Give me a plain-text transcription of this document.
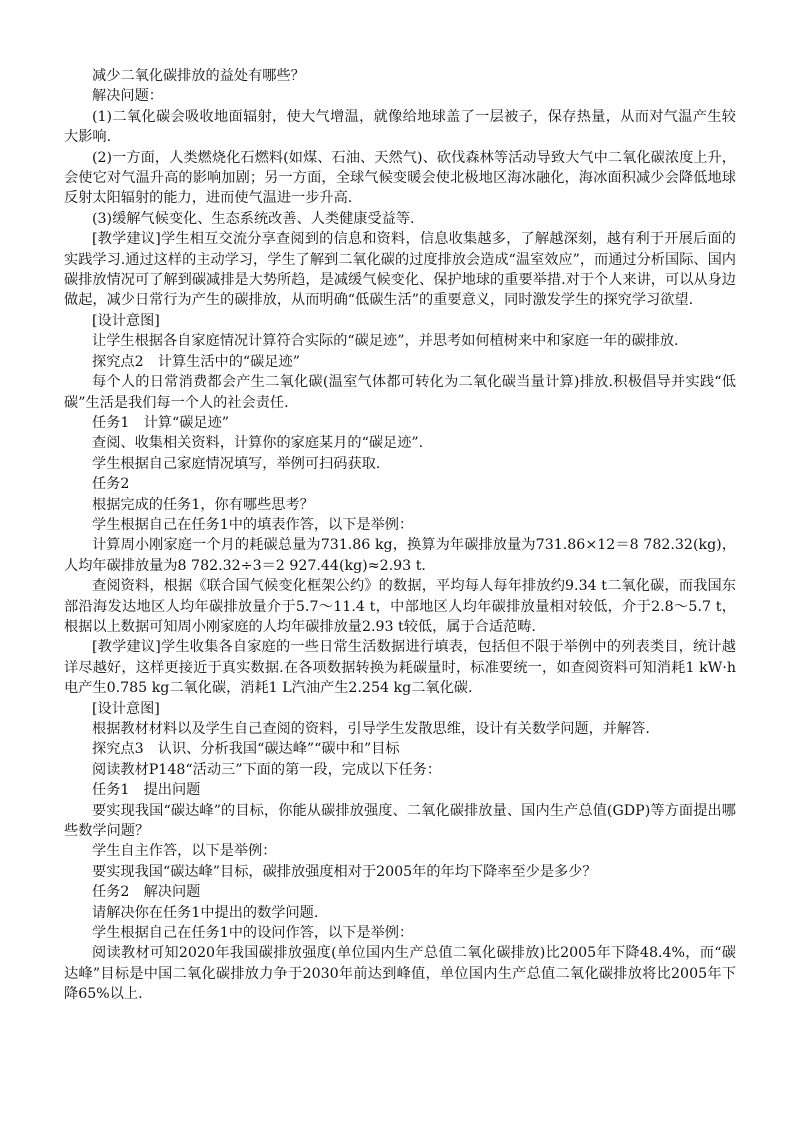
减少二氧化碳排放的益处有哪些？

解决问题：

(1)二氧化碳会吸收地面辐射，使大气增温，就像给地球盖了一层被子，保存热量，从而对气温产生较大影响.

(2)一方面，人类燃烧化石燃料(如煤、石油、天然气)、砍伐森林等活动导致大气中二氧化碳浓度上升，会使它对气温升高的影响加剧；另一方面，全球气候变暖会使北极地区海冰融化，海冰面积减少会降低地球反射太阳辐射的能力，进而使气温进一步升高.

(3)缓解气候变化、生态系统改善、人类健康受益等.

[教学建议]学生相互交流分享查阅到的信息和资料，信息收集越多，了解越深刻，越有利于开展后面的实践学习.通过这样的主动学习，学生了解到二氧化碳的过度排放会造成“温室效应”，而通过分析国际、国内碳排放情况可了解到碳减排是大势所趋，是减缓气候变化、保护地球的重要举措.对于个人来讲，可以从身边做起，减少日常行为产生的碳排放，从而明确“低碳生活”的重要意义，同时激发学生的探究学习欲望.

[设计意图]

让学生根据各自家庭情况计算符合实际的“碳足迹”，并思考如何植树来中和家庭一年的碳排放.

探究点2　计算生活中的“碳足迹”

每个人的日常消费都会产生二氧化碳(温室气体都可转化为二氧化碳当量计算)排放.积极倡导并实践“低碳”生活是我们每一个人的社会责任.

任务1　计算“碳足迹”

查阅、收集相关资料，计算你的家庭某月的“碳足迹”.

学生根据自己家庭情况填写，举例可扫码获取.

任务2

根据完成的任务1，你有哪些思考？

学生根据自己在任务1中的填表作答，以下是举例：

计算周小刚家庭一个月的耗碳总量为731.86 kg，换算为年碳排放量为731.86×12＝8 782.32(kg)，人均年碳排放量为8 782.32÷3＝2 927.44(kg)≈2.93 t.

查阅资料，根据《联合国气候变化框架公约》的数据，平均每人每年排放约9.34 t二氧化碳，而我国东部沿海发达地区人均年碳排放量介于5.7～11.4 t，中部地区人均年碳排放量相对较低，介于2.8～5.7 t，根据以上数据可知周小刚家庭的人均年碳排放量2.93 t较低，属于合适范畴.

[教学建议]学生收集各自家庭的一些日常生活数据进行填表，包括但不限于举例中的列表类目，统计越详尽越好，这样更接近于真实数据.在各项数据转换为耗碳量时，标准要统一，如查阅资料可知消耗1 kW·h电产生0.785 kg二氧化碳，消耗1 L汽油产生2.254 kg二氧化碳.

[设计意图]

根据教材材料以及学生自己查阅的资料，引导学生发散思维，设计有关数学问题，并解答.

探究点3　认识、分析我国“碳达峰”“碳中和”目标

阅读教材P148“活动三”下面的第一段，完成以下任务：

任务1　提出问题

要实现我国“碳达峰”的目标，你能从碳排放强度、二氧化碳排放量、国内生产总值(GDP)等方面提出哪些数学问题？

学生自主作答，以下是举例：

要实现我国“碳达峰”目标，碳排放强度相对于2005年的年均下降率至少是多少？

任务2　解决问题

请解决你在任务1中提出的数学问题.

学生根据自己在任务1中的设问作答，以下是举例：

阅读教材可知2020年我国碳排放强度(单位国内生产总值二氧化碳排放)比2005年下降48.4%，而“碳达峰”目标是中国二氧化碳排放力争于2030年前达到峰值，单位国内生产总值二氧化碳排放将比2005年下降65%以上.
